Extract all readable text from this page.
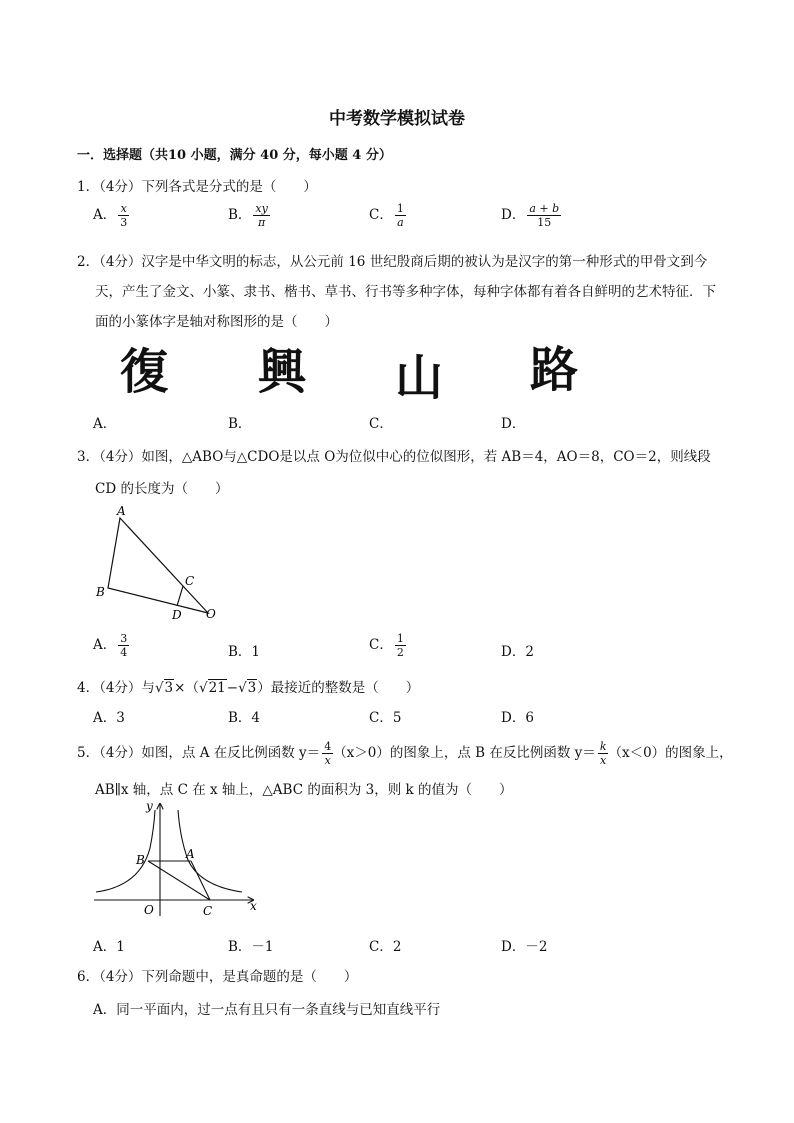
中考数学模拟试卷
一．选择题（共10 小题，满分 40 分，每小题 4 分）
1．（4分）下列各式是分式的是（　　）
A． $\frac{x}{3}$	B． $\frac{xy}{\pi}$	C． $\frac{1}{a}$	D． $\frac{a + b}{15}$
2．（4分）汉字是中华文明的标志，从公元前 16 世纪殷商后期的被认为是汉字的第一种形式的甲骨文到今
天，产生了金文、小篆、隶书、楷书、草书、行书等多种字体，每种字体都有着各自鲜明的艺术特征．下
面的小篆体字是轴对称图形的是（　　）
A．
復
B．
興
C．
山
D．
路
3．（4分）如图，△ABO与△CDO是以点 O为位似中心的位似图形，若 AB＝4，AO＝8，CO＝2，则线段
CD 的长度为（　　）
A
B
C
D O
A． $\frac{3}{4}$	B．1	C． $\frac{1}{2}$	D．2
4．（4分）与√3×（√21−√3）最接近的整数是（　　）
A．3	B．4	C．5	D．6
5．（4分）如图，点 A 在反比例函数 $y= \frac{4}{x} (x>0)$的图象上，点 B 在反比例函数 $y= \frac{k}{x} (x<0)$的图象上，
AB∥x 轴，点 C 在 x 轴上，△ABC 的面积为 3，则 k 的值为（　　）
y
x
A
B
O	C
A．1	B．－1	C．2	D．－2
6．（4分）下列命题中，是真命题的是（　　）
A．同一平面内，过一点有且只有一条直线与已知直线平行
